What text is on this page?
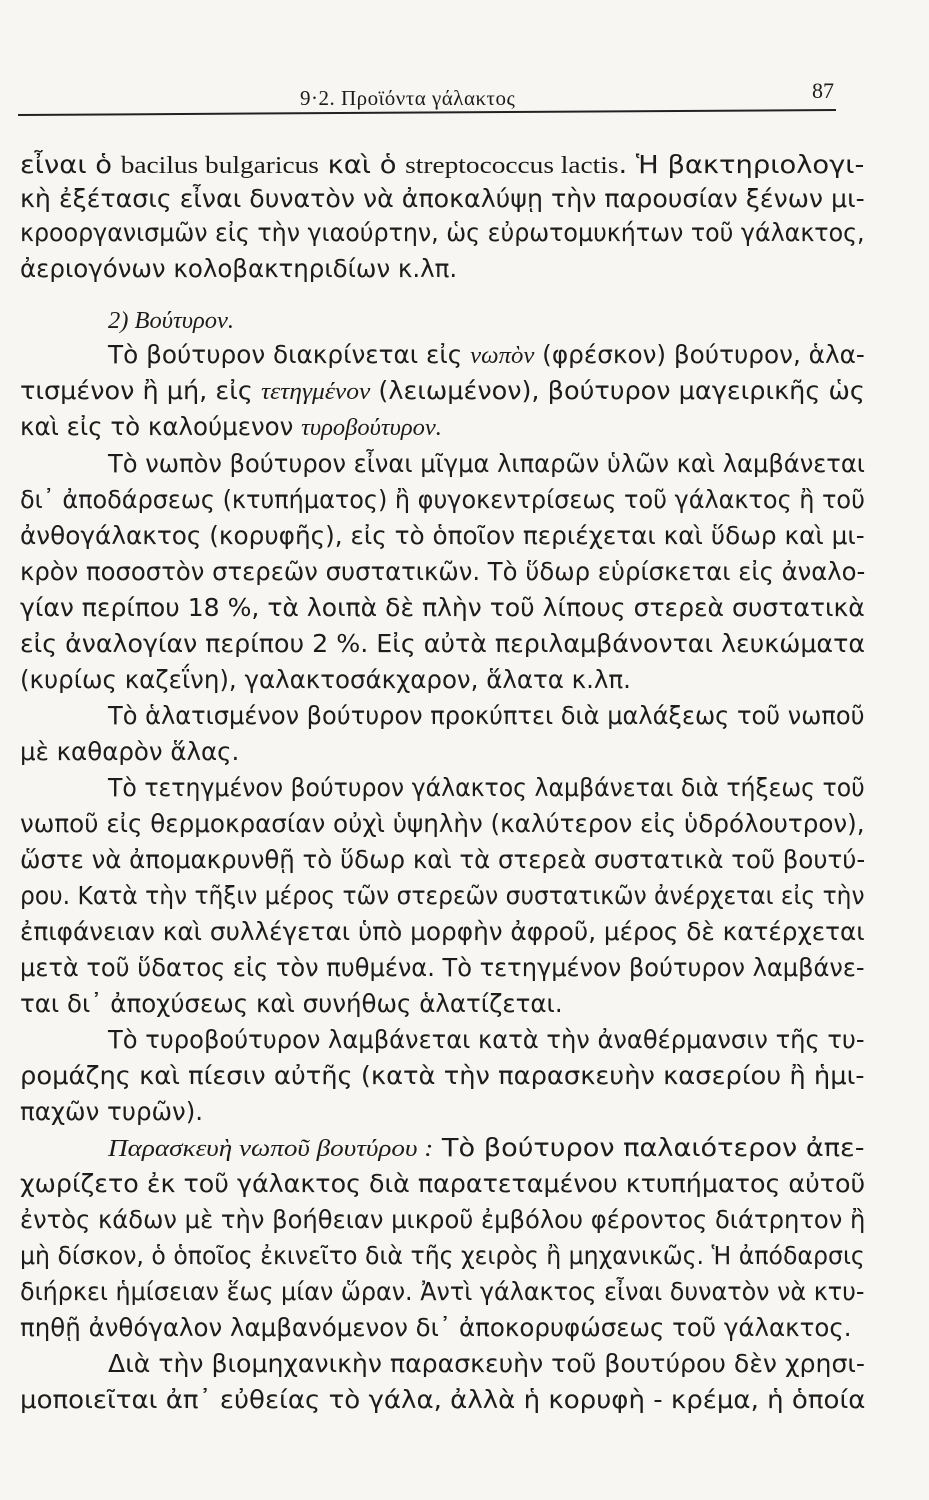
9·2. Προϊόντα γάλακτος	87
εἶναι ὁ bacilus bulgaricus καὶ ὁ streptococcus lactis. Ἡ βακτηριολογι-
κὴ ἐξέτασις εἶναι δυνατὸν νὰ ἀποκαλύψῃ τὴν παρουσίαν ξένων μι-
κροοργανισμῶν εἰς τὴν γιαούρτην, ὡς εὐρωτομυκήτων τοῦ γάλακτος,
ἀεριογόνων κολοβακτηριδίων κ.λπ.
2) Βούτυρον.
Τὸ βούτυρον διακρίνεται εἰς νωπὸν (φρέσκον) βούτυρον, ἁλα-
τισμένον ἢ μή, εἰς τετηγμένον (λειωμένον), βούτυρον μαγειρικῆς ὡς
καὶ εἰς τὸ καλούμενον τυροβούτυρον.
Τὸ νωπὸν βούτυρον εἶναι μῖγμα λιπαρῶν ὑλῶν καὶ λαμβάνεται
δι᾽ ἀποδάρσεως (κτυπήματος) ἢ φυγοκεντρίσεως τοῦ γάλακτος ἢ τοῦ
ἀνθογάλακτος (κορυφῆς), εἰς τὸ ὁποῖον περιέχεται καὶ ὕδωρ καὶ μι-
κρὸν ποσοστὸν στερεῶν συστατικῶν. Τὸ ὕδωρ εὑρίσκεται εἰς ἀναλο-
γίαν περίπου 18 %, τὰ λοιπὰ δὲ πλὴν τοῦ λίπους στερεὰ συστατικὰ
εἰς ἀναλογίαν περίπου 2 %. Εἰς αὐτὰ περιλαμβάνονται λευκώματα
(κυρίως καζεΐνη), γαλακτοσάκχαρον, ἅλατα κ.λπ.
Τὸ ἁλατισμένον βούτυρον προκύπτει διὰ μαλάξεως τοῦ νωποῦ
μὲ καθαρὸν ἅλας.
Τὸ τετηγμένον βούτυρον γάλακτος λαμβάνεται διὰ τήξεως τοῦ
νωποῦ εἰς θερμοκρασίαν οὐχὶ ὑψηλὴν (καλύτερον εἰς ὑδρόλουτρον),
ὥστε νὰ ἀπομακρυνθῇ τὸ ὕδωρ καὶ τὰ στερεὰ συστατικὰ τοῦ βουτύ-
ρου. Κατὰ τὴν τῆξιν μέρος τῶν στερεῶν συστατικῶν ἀνέρχεται εἰς τὴν
ἐπιφάνειαν καὶ συλλέγεται ὑπὸ μορφὴν ἀφροῦ, μέρος δὲ κατέρχεται
μετὰ τοῦ ὕδατος εἰς τὸν πυθμένα. Τὸ τετηγμένον βούτυρον λαμβάνε-
ται δι᾽ ἀποχύσεως καὶ συνήθως ἁλατίζεται.
Τὸ τυροβούτυρον λαμβάνεται κατὰ τὴν ἀναθέρμανσιν τῆς τυ-
ρομάζης καὶ πίεσιν αὐτῆς (κατὰ τὴν παρασκευὴν κασερίου ἢ ἡμι-
παχῶν τυρῶν).
Παρασκευὴ νωποῦ βουτύρου : Τὸ βούτυρον παλαιότερον ἀπε-
χωρίζετο ἐκ τοῦ γάλακτος διὰ παρατεταμένου κτυπήματος αὐτοῦ
ἐντὸς κάδων μὲ τὴν βοήθειαν μικροῦ ἐμβόλου φέροντος διάτρητον ἢ
μὴ δίσκον, ὁ ὁποῖος ἐκινεῖτο διὰ τῆς χειρὸς ἢ μηχανικῶς. Ἡ ἀπόδαρσις
διήρκει ἡμίσειαν ἕως μίαν ὥραν. Ἀντὶ γάλακτος εἶναι δυνατὸν νὰ κτυ-
πηθῇ ἀνθόγαλον λαμβανόμενον δι᾽ ἀποκορυφώσεως τοῦ γάλακτος.
Διὰ τὴν βιομηχανικὴν παρασκευὴν τοῦ βουτύρου δὲν χρησι-
μοποιεῖται ἀπ᾽ εὐθείας τὸ γάλα, ἀλλὰ ἡ κορυφὴ - κρέμα, ἡ ὁποία
